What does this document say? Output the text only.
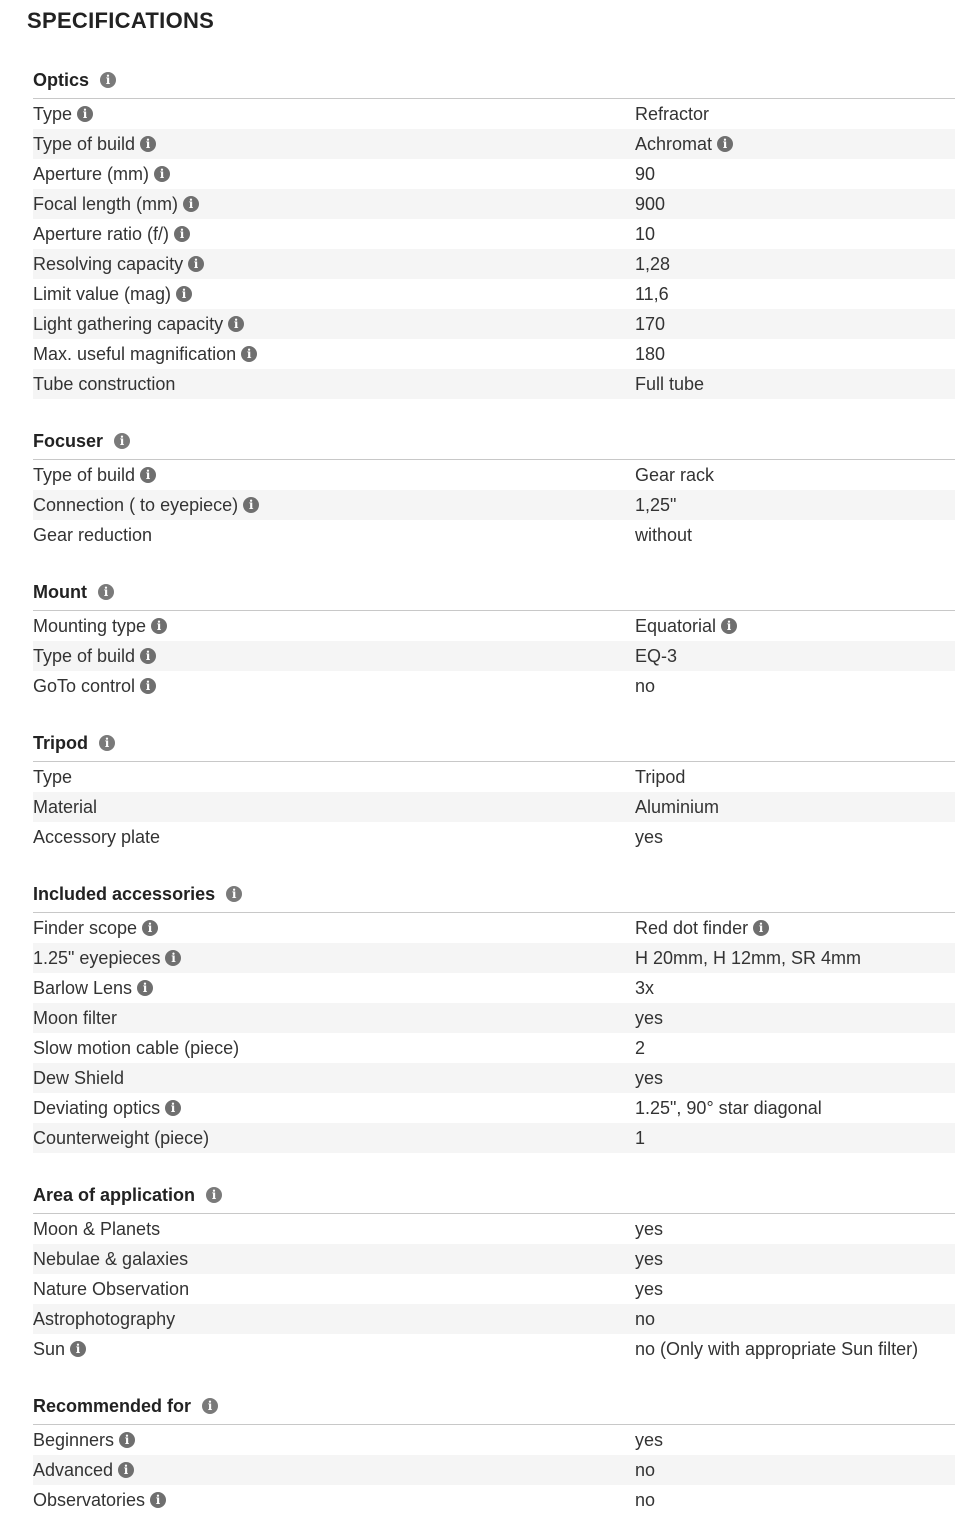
SPECIFICATIONS
Optics	i
Type i	Refractor
Type of build i	Achromat i
Aperture (mm) i	90
Focal length (mm) i	900
Aperture ratio (f/) i	10
Resolving capacity i	1,28
Limit value (mag) i	11,6
Light gathering capacity i	170
Max. useful magnification i	180
Tube construction	Full tube
Focuser	i
Type of build i	Gear rack
Connection ( to eyepiece) i	1,25"
Gear reduction	without
Mount	i
Mounting type i	Equatorial i
Type of build i	EQ-3
GoTo control i	no
Tripod	i
Type	Tripod
Material	Aluminium
Accessory plate	yes
Included accessories	i
Finder scope i	Red dot finder i
1.25" eyepieces i	H 20mm, H 12mm, SR 4mm
Barlow Lens i	3x
Moon filter	yes
Slow motion cable (piece)	2
Dew Shield	yes
Deviating optics i	1.25", 90° star diagonal
Counterweight (piece)	1
Area of application	i
Moon & Planets	yes
Nebulae & galaxies	yes
Nature Observation	yes
Astrophotography	no
Sun i	no (Only with appropriate Sun filter)
Recommended for	i
Beginners i	yes
Advanced i	no
Observatories i	no
